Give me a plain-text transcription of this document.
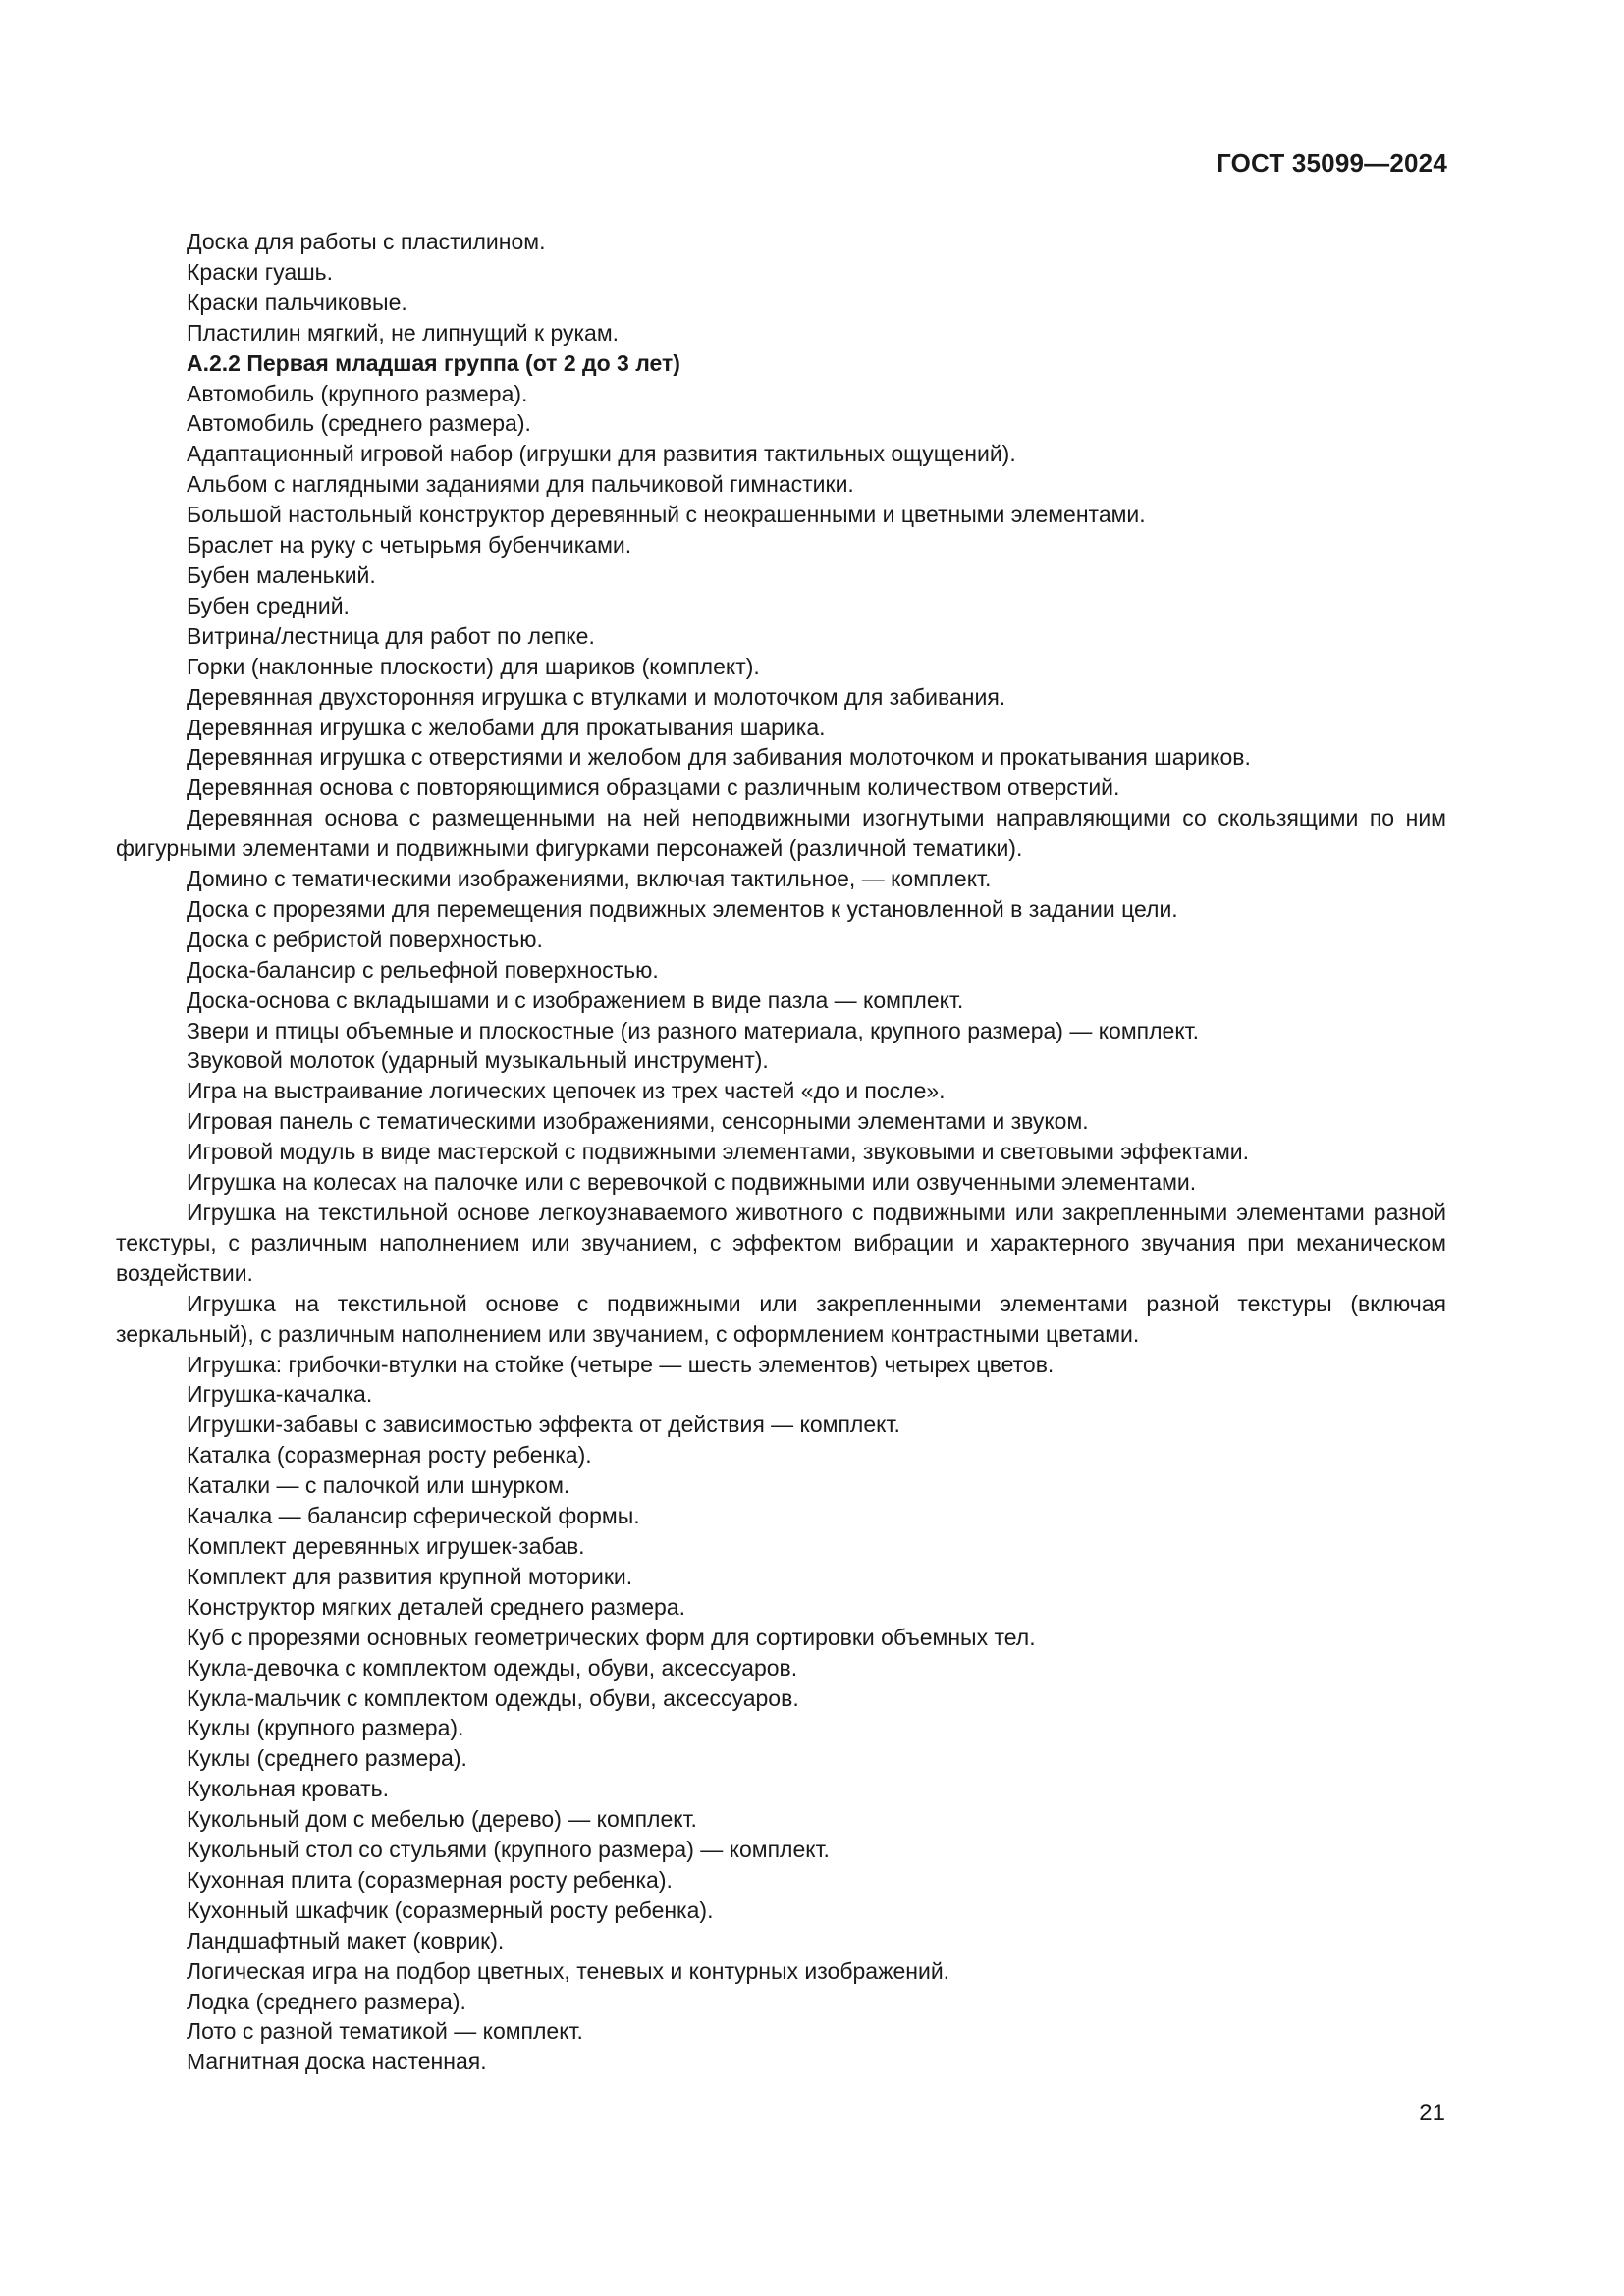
ГОСТ 35099—2024

Доска для работы с пластилином.

Краски гуашь.

Краски пальчиковые.

Пластилин мягкий, не липнущий к рукам.

А.2.2 Первая младшая группа (от 2 до 3 лет)

Автомобиль (крупного размера).

Автомобиль (среднего размера).

Адаптационный игровой набор (игрушки для развития тактильных ощущений).

Альбом с наглядными заданиями для пальчиковой гимнастики.

Большой настольный конструктор деревянный с неокрашенными и цветными элементами.

Браслет на руку с четырьмя бубенчиками.

Бубен маленький.

Бубен средний.

Витрина/лестница для работ по лепке.

Горки (наклонные плоскости) для шариков (комплект).

Деревянная двухсторонняя игрушка с втулками и молоточком для забивания.

Деревянная игрушка с желобами для прокатывания шарика.

Деревянная игрушка с отверстиями и желобом для забивания молоточком и прокатывания шариков.

Деревянная основа с повторяющимися образцами с различным количеством отверстий.

Деревянная основа с размещенными на ней неподвижными изогнутыми направляющими со скользящими по ним фигурными элементами и подвижными фигурками персонажей (различной тематики).

Домино с тематическими изображениями, включая тактильное, — комплект.

Доска с прорезями для перемещения подвижных элементов к установленной в задании цели.

Доска с ребристой поверхностью.

Доска-балансир с рельефной поверхностью.

Доска-основа с вкладышами и с изображением в виде пазла — комплект.

Звери и птицы объемные и плоскостные (из разного материала, крупного размера) — комплект.

Звуковой молоток (ударный музыкальный инструмент).

Игра на выстраивание логических цепочек из трех частей «до и после».

Игровая панель с тематическими изображениями, сенсорными элементами и звуком.

Игровой модуль в виде мастерской с подвижными элементами, звуковыми и световыми эффектами.

Игрушка на колесах на палочке или с веревочкой с подвижными или озвученными элементами.

Игрушка на текстильной основе легкоузнаваемого животного с подвижными или закрепленными элементами разной текстуры, с различным наполнением или звучанием, с эффектом вибрации и характерного звучания при механическом воздействии.

Игрушка на текстильной основе с подвижными или закрепленными элементами разной текстуры (включая зеркальный), с различным наполнением или звучанием, с оформлением контрастными цветами.

Игрушка: грибочки-втулки на стойке (четыре — шесть элементов) четырех цветов.

Игрушка-качалка.

Игрушки-забавы с зависимостью эффекта от действия — комплект.

Каталка (соразмерная росту ребенка).

Каталки — с палочкой или шнурком.

Качалка — балансир сферической формы.

Комплект деревянных игрушек-забав.

Комплект для развития крупной моторики.

Конструктор мягких деталей среднего размера.

Куб с прорезями основных геометрических форм для сортировки объемных тел.

Кукла-девочка с комплектом одежды, обуви, аксессуаров.

Кукла-мальчик с комплектом одежды, обуви, аксессуаров.

Куклы (крупного размера).

Куклы (среднего размера).

Кукольная кровать.

Кукольный дом с мебелью (дерево) — комплект.

Кукольный стол со стульями (крупного размера) — комплект.

Кухонная плита (соразмерная росту ребенка).

Кухонный шкафчик (соразмерный росту ребенка).

Ландшафтный макет (коврик).

Логическая игра на подбор цветных, теневых и контурных изображений.

Лодка (среднего размера).

Лото с разной тематикой — комплект.

Магнитная доска настенная.

21
